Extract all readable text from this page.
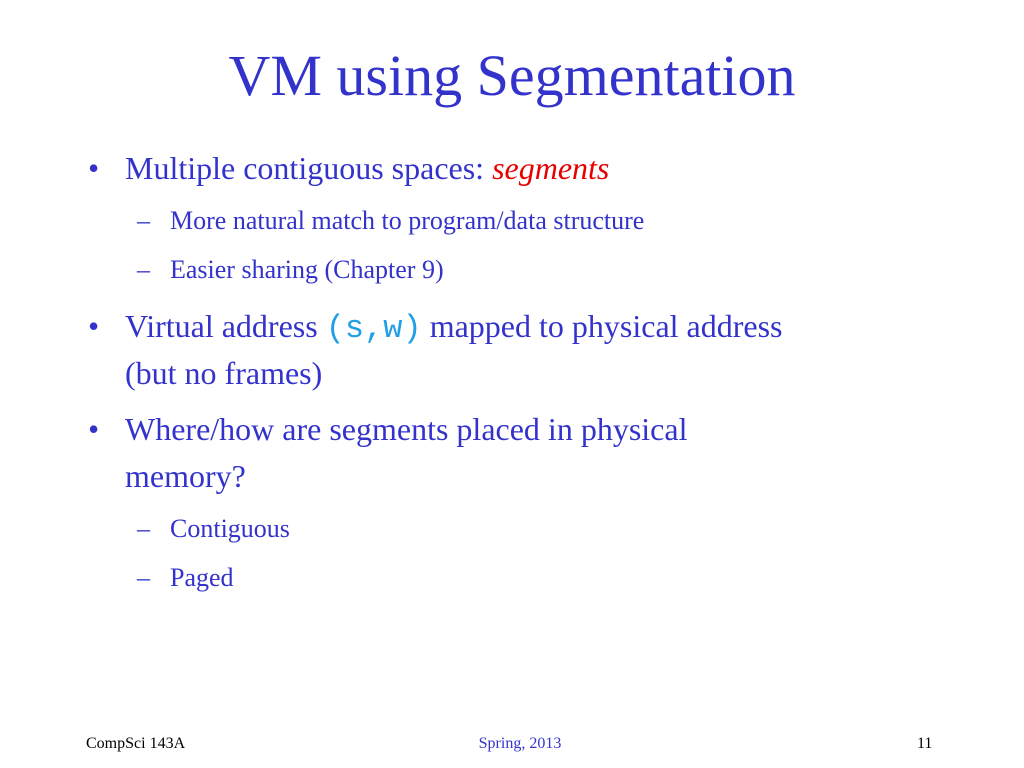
VM using Segmentation
• Multiple contiguous spaces: segments
– More natural match to program/data structure
– Easier sharing (Chapter 9)
• Virtual address (s,w) mapped to physical address
(but no frames)
• Where/how are segments placed in physical
memory?
– Contiguous
– Paged
CompSci 143A	Spring, 2013	11
